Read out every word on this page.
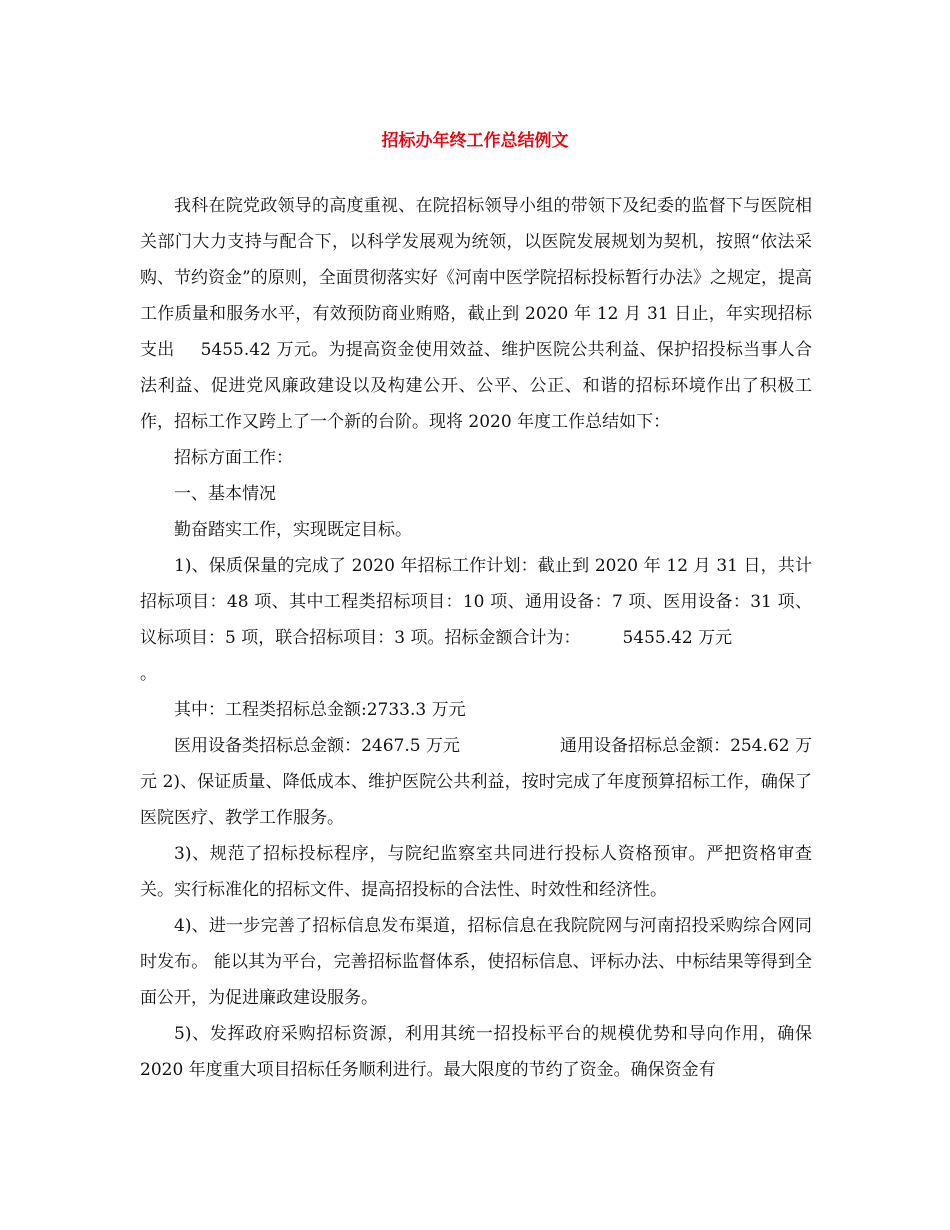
招标办年终工作总结例文

我科在院党政领导的高度重视、在院招标领导小组的带领下及纪委的监督下与医院相关部门大力支持与配合下，以科学发展观为统领，以医院发展规划为契机，按照“依法采购、节约资金”的原则，全面贯彻落实好《河南中医学院招标投标暂行办法》之规定，提高工作质量和服务水平，有效预防商业贿赂，截止到 2020 年 12 月 31 日止，年实现招标支出 5455.42 万元。为提高资金使用效益、维护医院公共利益、保护招投标当事人合法利益、促进党风廉政建设以及构建公开、公平、公正、和谐的招标环境作出了积极工作，招标工作又跨上了一个新的台阶。现将 2020 年度工作总结如下：

招标方面工作：

一、基本情况

勤奋踏实工作，实现既定目标。

1)、保质保量的完成了 2020 年招标工作计划：截止到 2020 年 12 月 31 日，共计招标项目：48 项、其中工程类招标项目：10 项、通用设备：7 项、医用设备：31 项、议标项目：5 项，联合招标项目：3 项。招标金额合计为： 5455.42 万元

。

其中：工程类招标总金额:2733.3 万元

医用设备类招标总金额：2467.5 万元	通用设备招标总金额：254.62 万元 2)、保证质量、降低成本、维护医院公共利益，按时完成了年度预算招标工作，确保了医院医疗、教学工作服务。

3)、规范了招标投标程序，与院纪监察室共同进行投标人资格预审。严把资格审查关。实行标准化的招标文件、提高招投标的合法性、时效性和经济性。

4)、进一步完善了招标信息发布渠道，招标信息在我院院网与河南招投采购综合网同时发布。 能以其为平台，完善招标监督体系，使招标信息、评标办法、中标结果等得到全面公开，为促进廉政建设服务。

5)、发挥政府采购招标资源，利用其统一招投标平台的规模优势和导向作用，确保 2020 年度重大项目招标任务顺利进行。最大限度的节约了资金。确保资金有
